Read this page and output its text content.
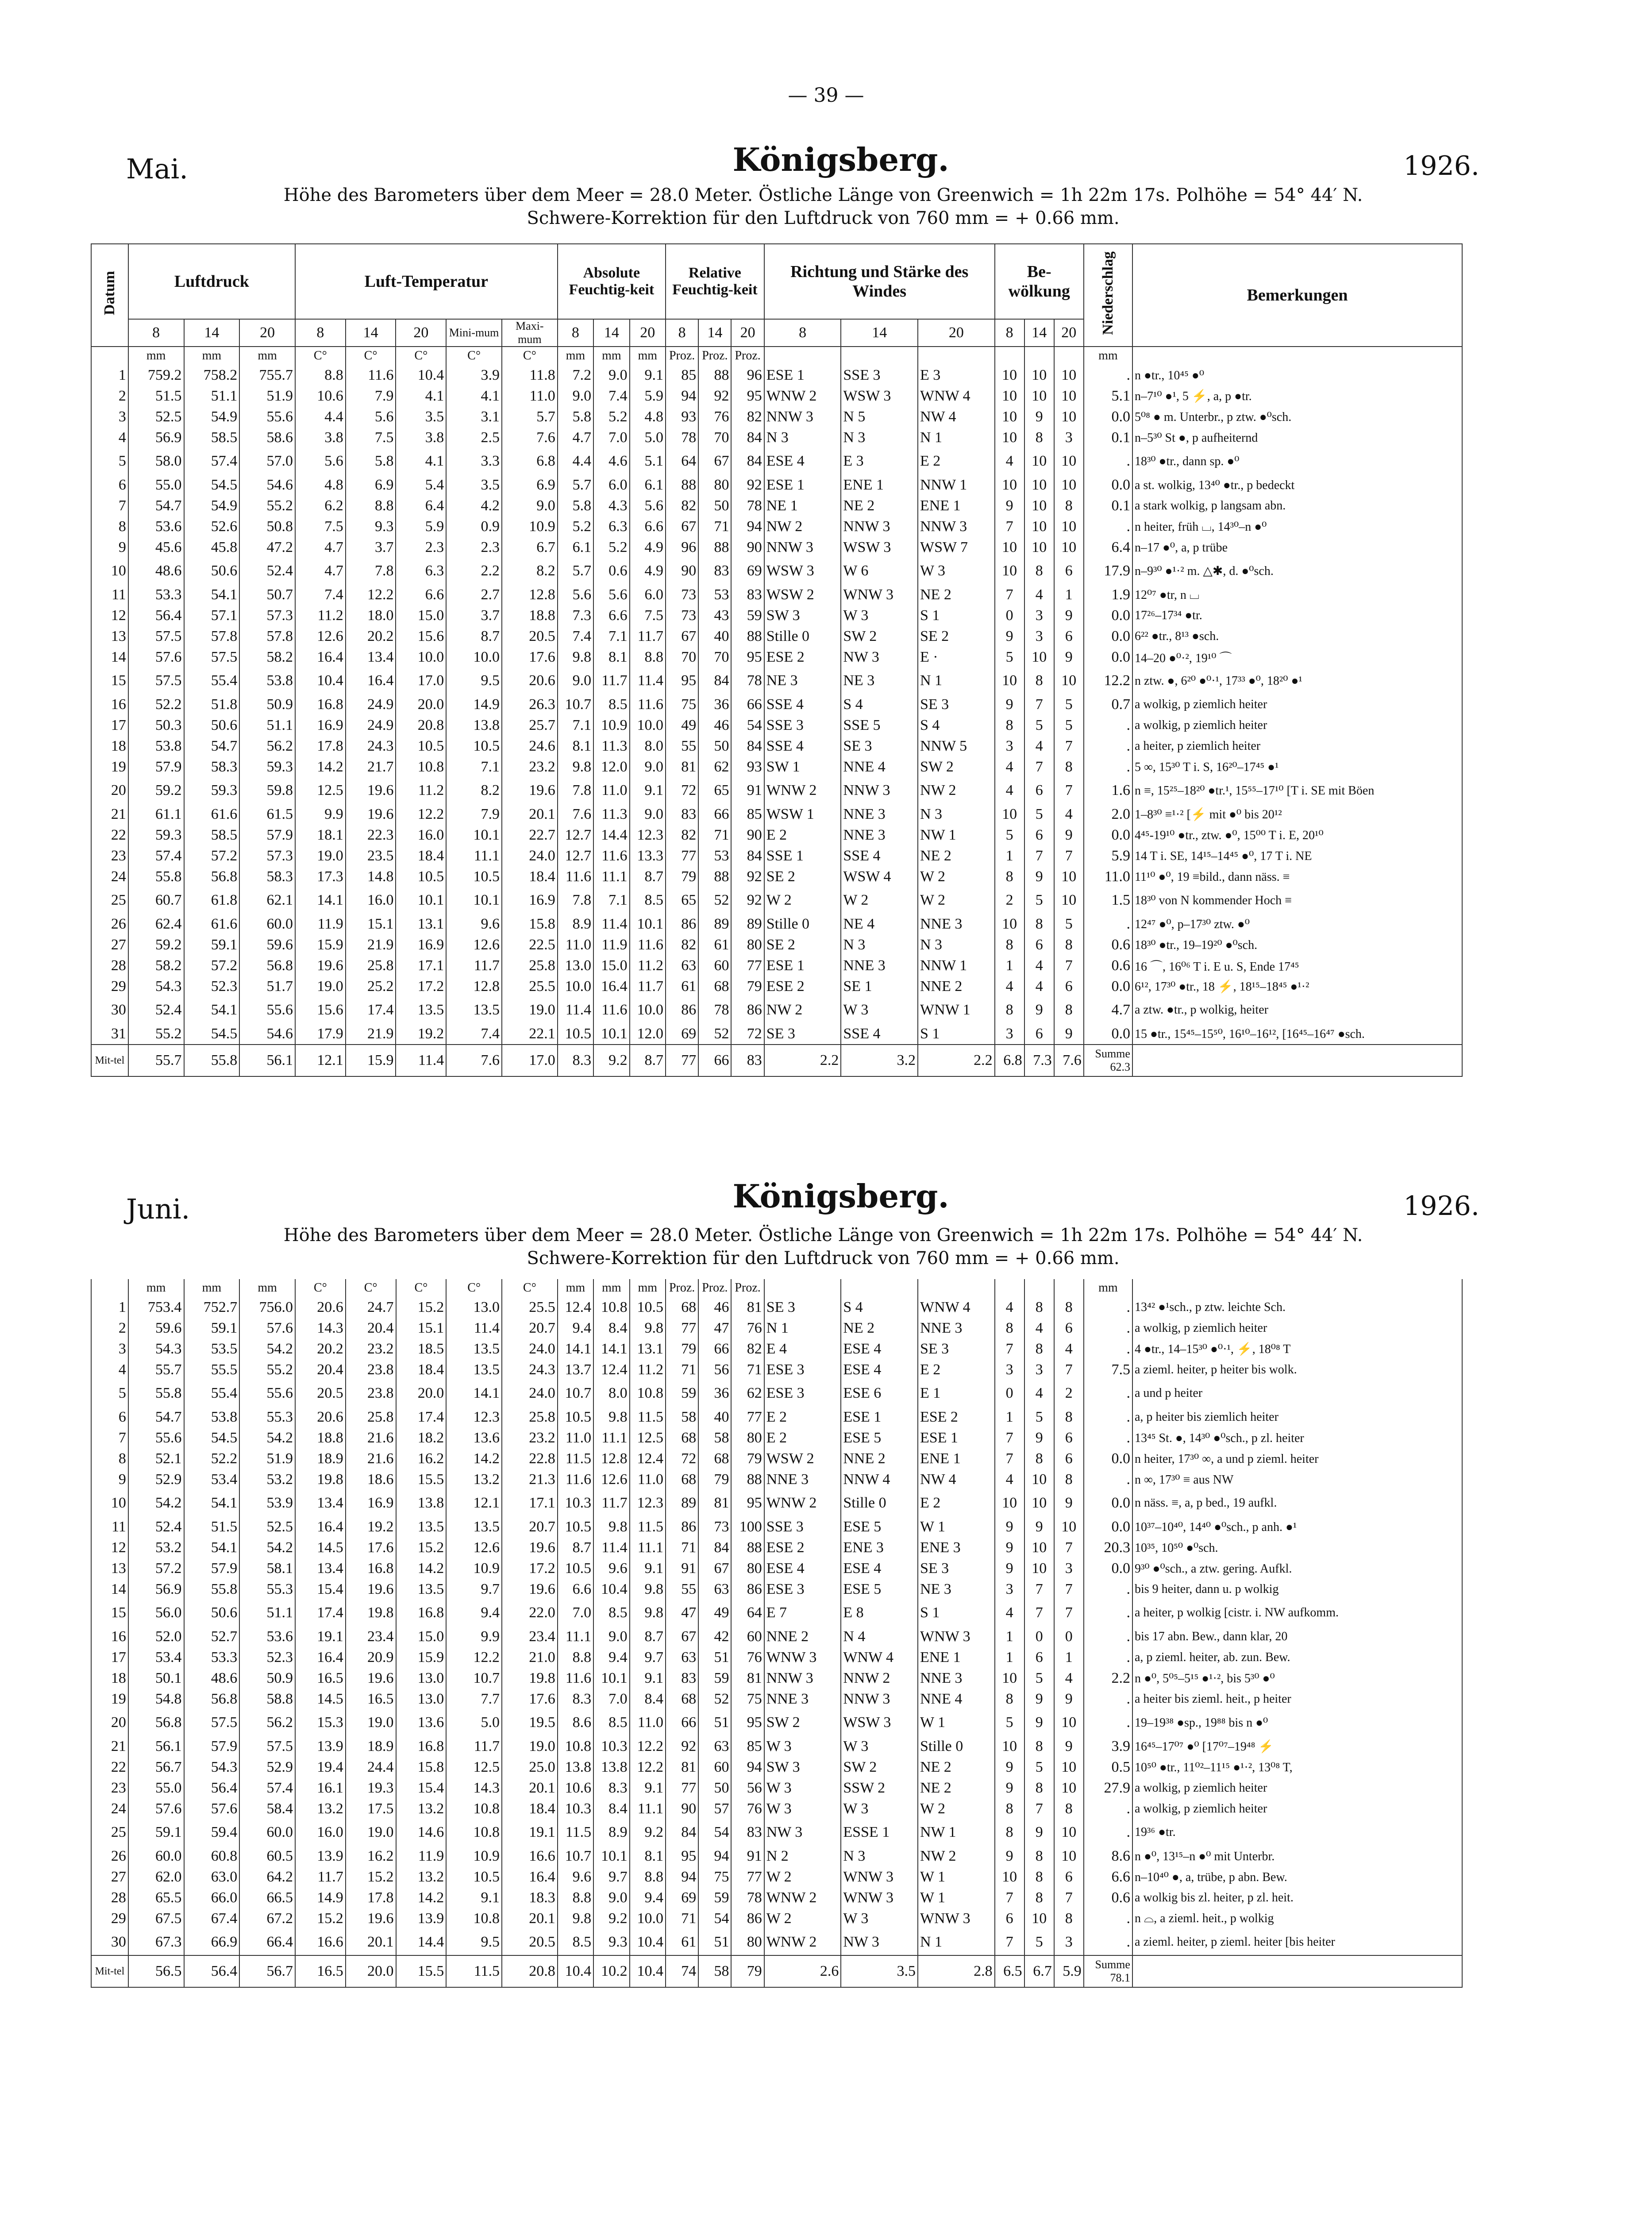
— 39 —
Mai.	Königsberg.	1926.
Höhe des Barometers über dem Meer = 28.0 Meter. Östliche Länge von Greenwich = 1h 22m 17s. Polhöhe = 54° 44′ N.
Schwere-Korrektion für den Luftdruck von 760 mm = + 0.66 mm.
Datum	Luftdruck			Luft-Temperatur					Absolute Feuchtig-keit			Relative Feuchtig-keit			Richtung und Stärke des Windes			Be-wölkung			Niederschlag	Bemerkungen
	8	14	20	8	14	20	Mini-mum	Maxi-mum	8	14	20	8	14	20	8	14	20	8	14	20		
	mm	mm	mm	C°	C°	C°	C°	C°	mm	mm	mm	Proz.	Proz.	Proz.							mm	
1	759.2	758.2	755.7	8.8	11.6	10.4	3.9	11.8	7.2	9.0	9.1	85	88	96	ESE 1	SSE 3	E 3	10	10	10	.	n ●tr., 10⁴⁵ ●⁰
2	51.5	51.1	51.9	10.6	7.9	4.1	4.1	11.0	9.0	7.4	5.9	94	92	95	WNW 2	WSW 3	WNW 4	10	10	10	5.1	n–7¹⁰ ●¹, 5 ⚡, a, p ●tr.
3	52.5	54.9	55.6	4.4	5.6	3.5	3.1	5.7	5.8	5.2	4.8	93	76	82	NNW 3	N 5	NW 4	10	9	10	0.0	5⁰⁸ ● m. Unterbr., p ztw. ●⁰sch.
4	56.9	58.5	58.6	3.8	7.5	3.8	2.5	7.6	4.7	7.0	5.0	78	70	84	N 3	N 3	N 1	10	8	3	0.1	n–5³⁰ St ●, p aufheiternd
5	58.0	57.4	57.0	5.6	5.8	4.1	3.3	6.8	4.4	4.6	5.1	64	67	84	ESE 4	E 3	E 2	4	10	10	.	18³⁰ ●tr., dann sp. ●⁰
6	55.0	54.5	54.6	4.8	6.9	5.4	3.5	6.9	5.7	6.0	6.1	88	80	92	ESE 1	ENE 1	NNW 1	10	10	10	0.0	a st. wolkig, 13⁴⁰ ●tr., p bedeckt
7	54.7	54.9	55.2	6.2	8.8	6.4	4.2	9.0	5.8	4.3	5.6	82	50	78	NE 1	NE 2	ENE 1	9	10	8	0.1	a stark wolkig, p langsam abn.
8	53.6	52.6	50.8	7.5	9.3	5.9	0.9	10.9	5.2	6.3	6.6	67	71	94	NW 2	NNW 3	NNW 3	7	10	10	.	n heiter, früh ⌴, 14³⁰–n ●⁰
9	45.6	45.8	47.2	4.7	3.7	2.3	2.3	6.7	6.1	5.2	4.9	96	88	90	NNW 3	WSW 3	WSW 7	10	10	10	6.4	n–17 ●⁰, a, p trübe
10	48.6	50.6	52.4	4.7	7.8	6.3	2.2	8.2	5.7	0.6	4.9	90	83	69	WSW 3	W 6	W 3	10	8	6	17.9	n–9³⁰ ●¹·² m. △✱, d. ●⁰sch.
11	53.3	54.1	50.7	7.4	12.2	6.6	2.7	12.8	5.6	5.6	6.0	73	53	83	WSW 2	WNW 3	NE 2	7	4	1	1.9	12⁰⁷ ●tr, n ⌴
12	56.4	57.1	57.3	11.2	18.0	15.0	3.7	18.8	7.3	6.6	7.5	73	43	59	SW 3	W 3	S 1	0	3	9	0.0	17²⁶–17³⁴ ●tr.
13	57.5	57.8	57.8	12.6	20.2	15.6	8.7	20.5	7.4	7.1	11.7	67	40	88	Stille 0	SW 2	SE 2	9	3	6	0.0	6²² ●tr., 8¹³ ●sch.
14	57.6	57.5	58.2	16.4	13.4	10.0	10.0	17.6	9.8	8.1	8.8	70	70	95	ESE 2	NW 3	E ·	5	10	9	0.0	14–20 ●⁰·², 19¹⁰ ⌒
15	57.5	55.4	53.8	10.4	16.4	17.0	9.5	20.6	9.0	11.7	11.4	95	84	78	NE 3	NE 3	N 1	10	8	10	12.2	n ztw. ●, 6²⁰ ●⁰·¹, 17³³ ●⁰, 18²⁰ ●¹
16	52.2	51.8	50.9	16.8	24.9	20.0	14.9	26.3	10.7	8.5	11.6	75	36	66	SSE 4	S 4	SE 3	9	7	5	0.7	a wolkig, p ziemlich heiter
17	50.3	50.6	51.1	16.9	24.9	20.8	13.8	25.7	7.1	10.9	10.0	49	46	54	SSE 3	SSE 5	S 4	8	5	5	.	a wolkig, p ziemlich heiter
18	53.8	54.7	56.2	17.8	24.3	10.5	10.5	24.6	8.1	11.3	8.0	55	50	84	SSE 4	SE 3	NNW 5	3	4	7	.	a heiter, p ziemlich heiter
19	57.9	58.3	59.3	14.2	21.7	10.8	7.1	23.2	9.8	12.0	9.0	81	62	93	SW 1	NNE 4	SW 2	4	7	8	.	5 ∞, 15³⁰ T i. S, 16²⁰–17⁴⁵ ●¹
20	59.2	59.3	59.8	12.5	19.6	11.2	8.2	19.6	7.8	11.0	9.1	72	65	91	WNW 2	NNW 3	NW 2	4	6	7	1.6	n ≡, 15²⁵–18²⁰ ●tr.¹, 15⁵⁵–17¹⁰ [T i. SE mit Böen
21	61.1	61.6	61.5	9.9	19.6	12.2	7.9	20.1	7.6	11.3	9.0	83	66	85	WSW 1	NNE 3	N 3	10	5	4	2.0	1–8³⁰ ≡¹·² [⚡ mit ●⁰ bis 20¹²
22	59.3	58.5	57.9	18.1	22.3	16.0	10.1	22.7	12.7	14.4	12.3	82	71	90	E 2	NNE 3	NW 1	5	6	9	0.0	4⁴⁵-19¹⁰ ●tr., ztw. ●⁰, 15⁰⁰ T i. E, 20¹⁰
23	57.4	57.2	57.3	19.0	23.5	18.4	11.1	24.0	12.7	11.6	13.3	77	53	84	SSE 1	SSE 4	NE 2	1	7	7	5.9	14 T i. SE, 14¹⁵–14⁴⁵ ●⁰, 17 T i. NE
24	55.8	56.8	58.3	17.3	14.8	10.5	10.5	18.4	11.6	11.1	8.7	79	88	92	SE 2	WSW 4	W 2	8	9	10	11.0	11¹⁰ ●⁰, 19 ≡bild., dann näss. ≡
25	60.7	61.8	62.1	14.1	16.0	10.1	10.1	16.9	7.8	7.1	8.5	65	52	92	W 2	W 2	W 2	2	5	10	1.5	18³⁰ von N kommender Hoch ≡
26	62.4	61.6	60.0	11.9	15.1	13.1	9.6	15.8	8.9	11.4	10.1	86	89	89	Stille 0	NE 4	NNE 3	10	8	5	.	12⁴⁷ ●⁰, p–17³⁰ ztw. ●⁰
27	59.2	59.1	59.6	15.9	21.9	16.9	12.6	22.5	11.0	11.9	11.6	82	61	80	SE 2	N 3	N 3	8	6	8	0.6	18³⁰ ●tr., 19–19²⁰ ●⁰sch.
28	58.2	57.2	56.8	19.6	25.8	17.1	11.7	25.8	13.0	15.0	11.2	63	60	77	ESE 1	NNE 3	NNW 1	1	4	7	0.6	16 ⌒, 16⁰⁶ T i. E u. S, Ende 17⁴⁵
29	54.3	52.3	51.7	19.0	25.2	17.2	12.8	25.5	10.0	16.4	11.7	61	68	79	ESE 2	SE 1	NNE 2	4	4	6	0.0	6¹², 17³⁰ ●tr., 18 ⚡, 18¹⁵–18⁴⁵ ●¹·²
30	52.4	54.1	55.6	15.6	17.4	13.5	13.5	19.0	11.4	11.6	10.0	86	78	86	NW 2	W 3	WNW 1	8	9	8	4.7	a ztw. ●tr., p wolkig, heiter
31	55.2	54.5	54.6	17.9	21.9	19.2	7.4	22.1	10.5	10.1	12.0	69	52	72	SE 3	SSE 4	S 1	3	6	9	0.0	15 ●tr., 15⁴⁵–15⁵⁰, 16¹⁰–16¹², [16⁴⁵–16⁴⁷ ●sch.
Mit-tel	55.7	55.8	56.1	12.1	15.9	11.4	7.6	17.0	8.3	9.2	8.7	77	66	83	2.2	3.2	2.2	6.8	7.3	7.6	Summe 62.3	
Juni.	Königsberg.	1926.
Höhe des Barometers über dem Meer = 28.0 Meter. Östliche Länge von Greenwich = 1h 22m 17s. Polhöhe = 54° 44′ N.
Schwere-Korrektion für den Luftdruck von 760 mm = + 0.66 mm.
	mm	mm	mm	C°	C°	C°	C°	C°	mm	mm	mm	Proz.	Proz.	Proz.							mm	
1	753.4	752.7	756.0	20.6	24.7	15.2	13.0	25.5	12.4	10.8	10.5	68	46	81	SE 3	S 4	WNW 4	4	8	8	.	13⁴² ●¹sch., p ztw. leichte Sch.
2	59.6	59.1	57.6	14.3	20.4	15.1	11.4	20.7	9.4	8.4	9.8	77	47	76	N 1	NE 2	NNE 3	8	4	6	.	a wolkig, p ziemlich heiter
3	54.3	53.5	54.2	20.2	23.2	18.5	13.5	24.0	14.1	14.1	13.1	79	66	82	E 4	ESE 4	SE 3	7	8	4	.	4 ●tr., 14–15³⁰ ●⁰·¹, ⚡, 18⁰⁸ T
4	55.7	55.5	55.2	20.4	23.8	18.4	13.5	24.3	13.7	12.4	11.2	71	56	71	ESE 3	ESE 4	E 2	3	3	7	7.5	a zieml. heiter, p heiter bis wolk.
5	55.8	55.4	55.6	20.5	23.8	20.0	14.1	24.0	10.7	8.0	10.8	59	36	62	ESE 3	ESE 6	E 1	0	4	2	.	a und p heiter
6	54.7	53.8	55.3	20.6	25.8	17.4	12.3	25.8	10.5	9.8	11.5	58	40	77	E 2	ESE 1	ESE 2	1	5	8	.	a, p heiter bis ziemlich heiter
7	55.6	54.5	54.2	18.8	21.6	18.2	13.6	23.2	11.0	11.1	12.5	68	58	80	E 2	ESE 5	ESE 1	7	9	6	.	13⁴⁵ St. ●, 14³⁰ ●⁰sch., p zl. heiter
8	52.1	52.2	51.9	18.9	21.6	16.2	14.2	22.8	11.5	12.8	12.4	72	68	79	WSW 2	NNE 2	ENE 1	7	8	6	0.0	n heiter, 17³⁰ ∞, a und p zieml. heiter
9	52.9	53.4	53.2	19.8	18.6	15.5	13.2	21.3	11.6	12.6	11.0	68	79	88	NNE 3	NNW 4	NW 4	4	10	8	.	n ∞, 17³⁰ ≡ aus NW
10	54.2	54.1	53.9	13.4	16.9	13.8	12.1	17.1	10.3	11.7	12.3	89	81	95	WNW 2	Stille 0	E 2	10	10	9	0.0	n näss. ≡, a, p bed., 19 aufkl.
11	52.4	51.5	52.5	16.4	19.2	13.5	13.5	20.7	10.5	9.8	11.5	86	73	100	SSE 3	ESE 5	W 1	9	9	10	0.0	10³⁷–10⁴⁰, 14⁴⁰ ●⁰sch., p anh. ●¹
12	53.2	54.1	54.2	14.5	17.6	15.2	12.6	19.6	8.7	11.4	11.1	71	84	88	ESE 2	ENE 3	ENE 3	9	10	7	20.3	10³⁵, 10⁵⁰ ●⁰sch.
13	57.2	57.9	58.1	13.4	16.8	14.2	10.9	17.2	10.5	9.6	9.1	91	67	80	ESE 4	ESE 4	SE 3	9	10	3	0.0	9³⁰ ●⁰sch., a ztw. gering. Aufkl.
14	56.9	55.8	55.3	15.4	19.6	13.5	9.7	19.6	6.6	10.4	9.8	55	63	86	ESE 3	ESE 5	NE 3	3	7	7	.	bis 9 heiter, dann u. p wolkig
15	56.0	50.6	51.1	17.4	19.8	16.8	9.4	22.0	7.0	8.5	9.8	47	49	64	E 7	E 8	S 1	4	7	7	.	a heiter, p wolkig [cistr. i. NW aufkomm.
16	52.0	52.7	53.6	19.1	23.4	15.0	9.9	23.4	11.1	9.0	8.7	67	42	60	NNE 2	N 4	WNW 3	1	0	0	.	bis 17 abn. Bew., dann klar, 20
17	53.4	53.3	52.3	16.4	20.9	15.9	12.2	21.0	8.8	9.4	9.7	63	51	76	WNW 3	WNW 4	ENE 1	1	6	1	.	a, p zieml. heiter, ab. zun. Bew.
18	50.1	48.6	50.9	16.5	19.6	13.0	10.7	19.8	11.6	10.1	9.1	83	59	81	NNW 3	NNW 2	NNE 3	10	5	4	2.2	n ●⁰, 5⁰⁵–5¹⁵ ●¹·², bis 5³⁰ ●⁰
19	54.8	56.8	58.8	14.5	16.5	13.0	7.7	17.6	8.3	7.0	8.4	68	52	75	NNE 3	NNW 3	NNE 4	8	9	9	.	a heiter bis zieml. heit., p heiter
20	56.8	57.5	56.2	15.3	19.0	13.6	5.0	19.5	8.6	8.5	11.0	66	51	95	SW 2	WSW 3	W 1	5	9	10	.	19–19³⁸ ●sp., 19⁸⁸ bis n ●⁰
21	56.1	57.9	57.5	13.9	18.9	16.8	11.7	19.0	10.8	10.3	12.2	92	63	85	W 3	W 3	Stille 0	10	8	9	3.9	16⁴⁵–17⁰⁷ ●⁰ [17⁰⁷–19⁴⁸ ⚡
22	56.7	54.3	52.9	19.4	24.4	15.8	12.5	25.0	13.8	13.8	12.2	81	60	94	SW 3	SW 2	NE 2	9	5	10	0.5	10⁵⁰ ●tr., 11⁰²–11¹⁵ ●¹·², 13⁰⁸ T,
23	55.0	56.4	57.4	16.1	19.3	15.4	14.3	20.1	10.6	8.3	9.1	77	50	56	W 3	SSW 2	NE 2	9	8	10	27.9	a wolkig, p ziemlich heiter
24	57.6	57.6	58.4	13.2	17.5	13.2	10.8	18.4	10.3	8.4	11.1	90	57	76	W 3	W 3	W 2	8	7	8	.	a wolkig, p ziemlich heiter
25	59.1	59.4	60.0	16.0	19.0	14.6	10.8	19.1	11.5	8.9	9.2	84	54	83	NW 3	ESSE 1	NW 1	8	9	10	.	19³⁶ ●tr.
26	60.0	60.8	60.5	13.9	16.2	11.9	10.9	16.6	10.7	10.1	8.1	95	94	91	N 2	N 3	NW 2	9	8	10	8.6	n ●⁰, 13¹⁵–n ●⁰ mit Unterbr.
27	62.0	63.0	64.2	11.7	15.2	13.2	10.5	16.4	9.6	9.7	8.8	94	75	77	W 2	WNW 3	W 1	10	8	6	6.6	n–10⁴⁰ ●, a, trübe, p abn. Bew.
28	65.5	66.0	66.5	14.9	17.8	14.2	9.1	18.3	8.8	9.0	9.4	69	59	78	WNW 2	WNW 3	W 1	7	8	7	0.6	a wolkig bis zl. heiter, p zl. heit.
29	67.5	67.4	67.2	15.2	19.6	13.9	10.8	20.1	9.8	9.2	10.0	71	54	86	W 2	W 3	WNW 3	6	10	8	.	n ⌓, a zieml. heit., p wolkig
30	67.3	66.9	66.4	16.6	20.1	14.4	9.5	20.5	8.5	9.3	10.4	61	51	80	WNW 2	NW 3	N 1	7	5	3	.	a zieml. heiter, p zieml. heiter [bis heiter
Mit-tel	56.5	56.4	56.7	16.5	20.0	15.5	11.5	20.8	10.4	10.2	10.4	74	58	79	2.6	3.5	2.8	6.5	6.7	5.9	Summe 78.1	
